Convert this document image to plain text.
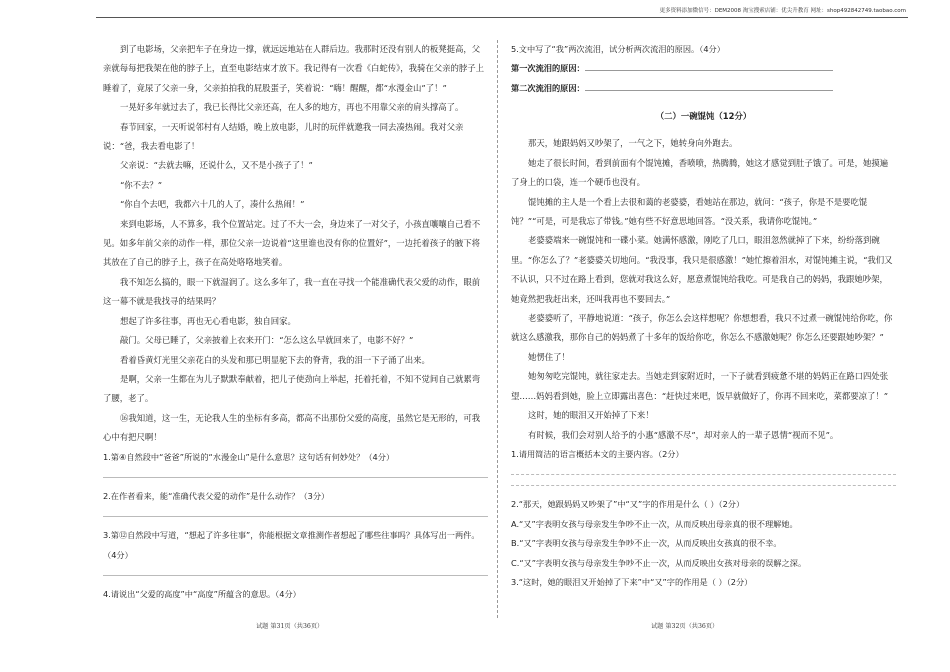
更多资料添加微信号：DEM2008 淘宝搜索店铺：优尖升教育 网址：shop492842749.taobao.com

到了电影场，父亲把车子在身边一撑，就远远地站在人群后边。我那时还没有别人的板凳挺高，父亲就每每把我架在他的脖子上，直至电影结束才放下。我记得有一次看《白蛇传》，我骑在父亲的脖子上睡着了，竟尿了父亲一身，父亲拍拍我的屁股蛋子，笑着说：“嗨！醒醒，都“水漫金山”了！”

一晃好多年就过去了，我已长得比父亲还高，在人多的地方，再也不用靠父亲的肩头撑高了。

春节回家，一天听说邻村有人结婚，晚上放电影，儿时的玩伴就邀我一同去凑热闹。我对父亲说：“爸，我去看电影了！

父亲说：“去就去嘛，还说什么，又不是小孩子了！”

“你不去？”

“你自个去吧，我都六十几的人了，凑什么热闹！”

来到电影场，人不算多，我个位置站定。过了不大一会，身边来了一对父子，小孩直嚷嚷自己看不见。如多年前父亲的动作一样，那位父亲一边说着“这里谁也没有你的位置好”，一边托着孩子的腋下将其放在了自己的脖子上，孩子在高处咯咯地笑着。

我不知怎么搞的，眼一下就湿润了。这么多年了，我一直在寻找一个能准确代表父爱的动作，眼前这一幕不就是我找寻的结果吗？

想起了许多往事，再也无心看电影，独自回家。

敲门。父母已睡了，父亲披着上衣来开门：“怎么这么早就回来了，电影不好？”

看着昏黄灯光里父亲花白的头发和那已明显驼下去的脊背，我的泪一下子涌了出来。

是啊，父亲一生都在为儿子默默奉献着，把儿子使劲向上举起，托着托着，不知不觉间自己就累弯了腰，老了。

⑯我知道，这一生，无论我人生的坐标有多高，都高不出那份父爱的高度，虽然它是无形的，可我心中有把尺啊！

1.第④自然段中“爸爸”所说的“水漫金山”是什么意思？这句话有何妙处？（4分）

2.在作者看来，能“准确代表父爱的动作”是什么动作？（3分）

3.第⑫自然段中写道，“想起了许多往事”，你能根据文章推测作者想起了哪些往事吗？具体写出一两件。（4分）

4.请说出“父爱的高度”中“高度”所蕴含的意思。（4分）

5.文中写了“我”两次流泪，试分析两次流泪的原因。（4分）

第一次流泪的原因：

第二次流泪的原因：

（二）一碗馄饨（12分）

那天，她跟妈妈又吵架了，一气之下，她转身向外跑去。

她走了很长时间，看到前面有个馄饨摊，香喷喷，热腾腾，她这才感觉到肚子饿了。可是，她摸遍了身上的口袋，连一个硬币也没有。

馄饨摊的主人是一个看上去很和蔼的老婆婆，看她站在那边，就问：“孩子，你是不是要吃馄饨？”“可是，可是我忘了带钱。”她有些不好意思地回答。“没关系，我请你吃馄饨。”

老婆婆端来一碗馄饨和一碟小菜。她满怀感激，刚吃了几口，眼泪忽然就掉了下来，纷纷落到碗里。“你怎么了？”老婆婆关切地问。“我没事，我只是很感激！”她忙擦着泪水，对馄饨摊主说，“我们又不认识，只不过在路上看到，您就对我这么好，愿意煮馄饨给我吃。可是我自己的妈妈，我跟她吵架，她竟然把我赶出来，还叫我再也不要回去。”

老婆婆听了，平静地说道：“孩子，你怎么会这样想呢？你想想看，我只不过煮一碗馄饨给你吃，你就这么感激我，那你自己的妈妈煮了十多年的饭给你吃，你怎么不感激她呢？你怎么还要跟她吵架？”

她愣住了！

她匆匆吃完馄饨，就往家走去。当她走到家附近时，一下子就看到疲惫不堪的妈妈正在路口四处张望……妈妈看到她，脸上立即露出喜色：“赶快过来吧，饭早就做好了，你再不回来吃，菜都要凉了！”

这时，她的眼泪又开始掉了下来！

有时候，我们会对别人给予的小惠“感激不尽”，却对亲人的一辈子恩情“视而不见”。

1.请用简洁的语言概括本文的主要内容。（2分）

2.“那天，她跟妈妈又吵架了”中“又”字的作用是什么（ ）（2分）

A.“又”字表明女孩与母亲发生争吵不止一次，从而反映出母亲真的很不理解她。

B.“又”字表明女孩与母亲发生争吵不止一次，从而反映出女孩真的很不幸。

C.“又”字表明女孩与母亲发生争吵不止一次，从而反映出女孩对母亲的误解之深。

3.“这时，她的眼泪又开始掉了下来”中“又”字的作用是（ ）（2分）

试题 第31页（共36页）	试题 第32页（共36页）
